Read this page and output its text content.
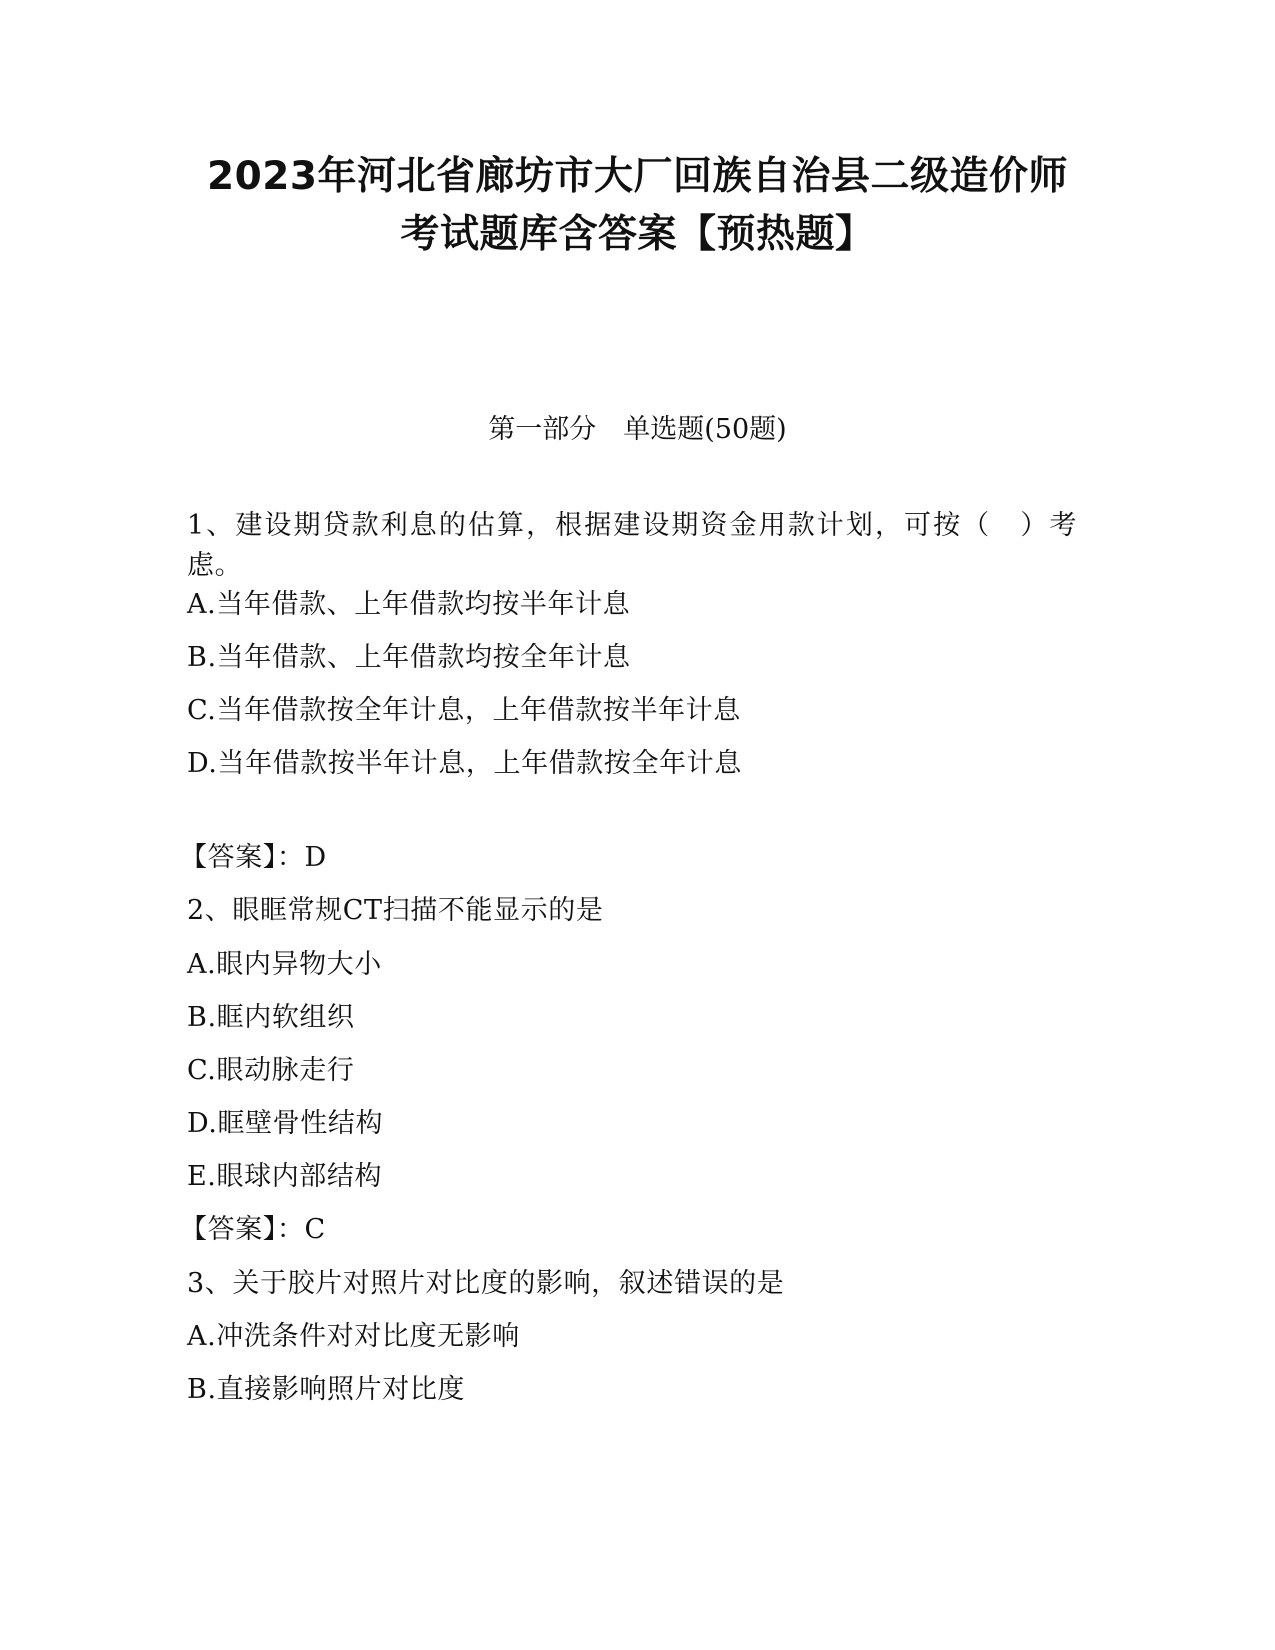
2023年河北省廊坊市大厂回族自治县二级造价师
考试题库含答案【预热题】
第一部分　单选题(50题)
1、建设期贷款利息的估算，根据建设期资金用款计划，可按（　）考虑。
A.当年借款、上年借款均按半年计息
B.当年借款、上年借款均按全年计息
C.当年借款按全年计息，上年借款按半年计息
D.当年借款按半年计息，上年借款按全年计息
【答案】：D
2、眼眶常规CT扫描不能显示的是
A.眼内异物大小
B.眶内软组织
C.眼动脉走行
D.眶壁骨性结构
E.眼球内部结构
【答案】：C
3、关于胶片对照片对比度的影响，叙述错误的是
A.冲洗条件对对比度无影响
B.直接影响照片对比度
